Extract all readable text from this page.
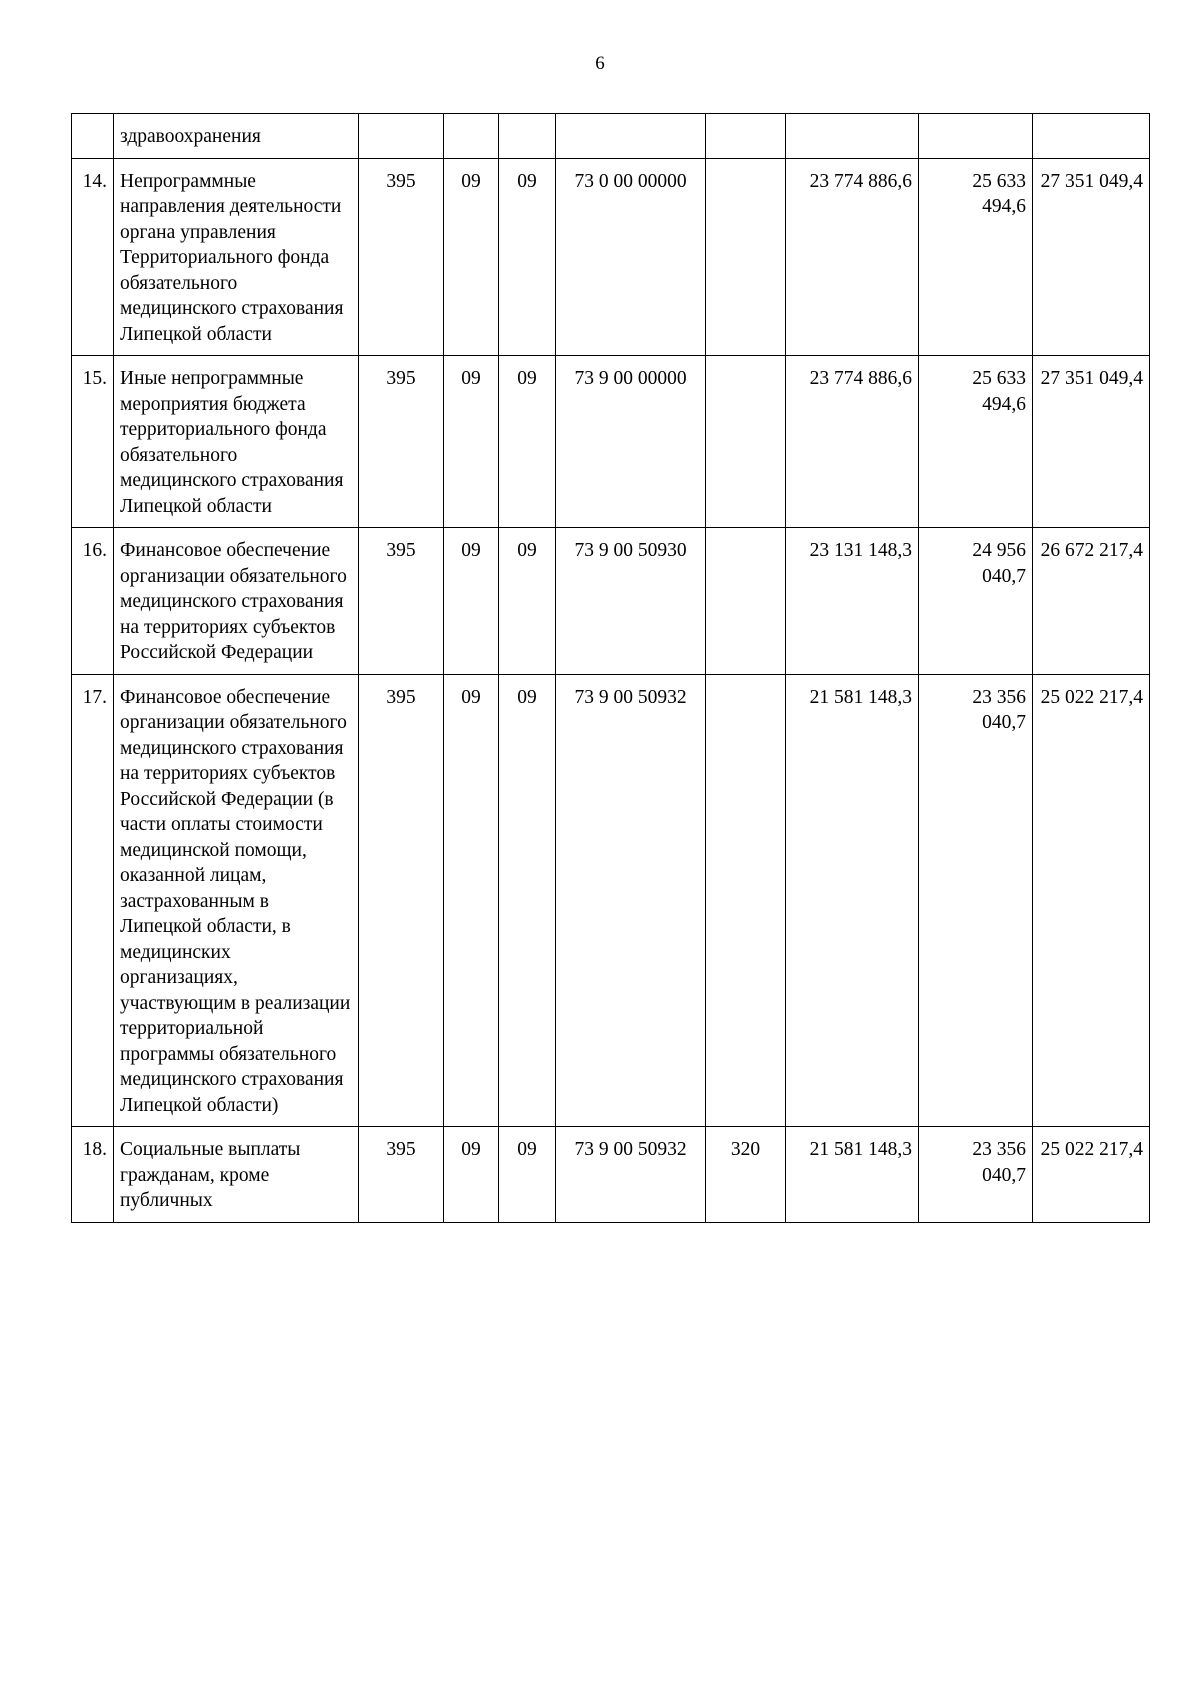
6
	здравоохранения								
14.	Непрограммные направления деятельности органа управления Территориального фонда обязательного медицинского страхования Липецкой области	395	09	09	73 0 00 00000		23 774 886,6	25 633 494,6	27 351 049,4
15.	Иные непрограммные мероприятия бюджета территориального фонда обязательного медицинского страхования Липецкой области	395	09	09	73 9 00 00000		23 774 886,6	25 633 494,6	27 351 049,4
16.	Финансовое обеспечение организации обязательного медицинского страхования на территориях субъектов Российской Федерации	395	09	09	73 9 00 50930		23 131 148,3	24 956 040,7	26 672 217,4
17.	Финансовое обеспечение организации обязательного медицинского страхования на территориях субъектов Российской Федерации (в части оплаты стоимости медицинской помощи, оказанной лицам, застрахованным в Липецкой области, в медицинских организациях, участвующим в реализации территориальной программы обязательного медицинского страхования Липецкой области)	395	09	09	73 9 00 50932		21 581 148,3	23 356 040,7	25 022 217,4
18.	Социальные выплаты гражданам, кроме публичных	395	09	09	73 9 00 50932	320	21 581 148,3	23 356 040,7	25 022 217,4
